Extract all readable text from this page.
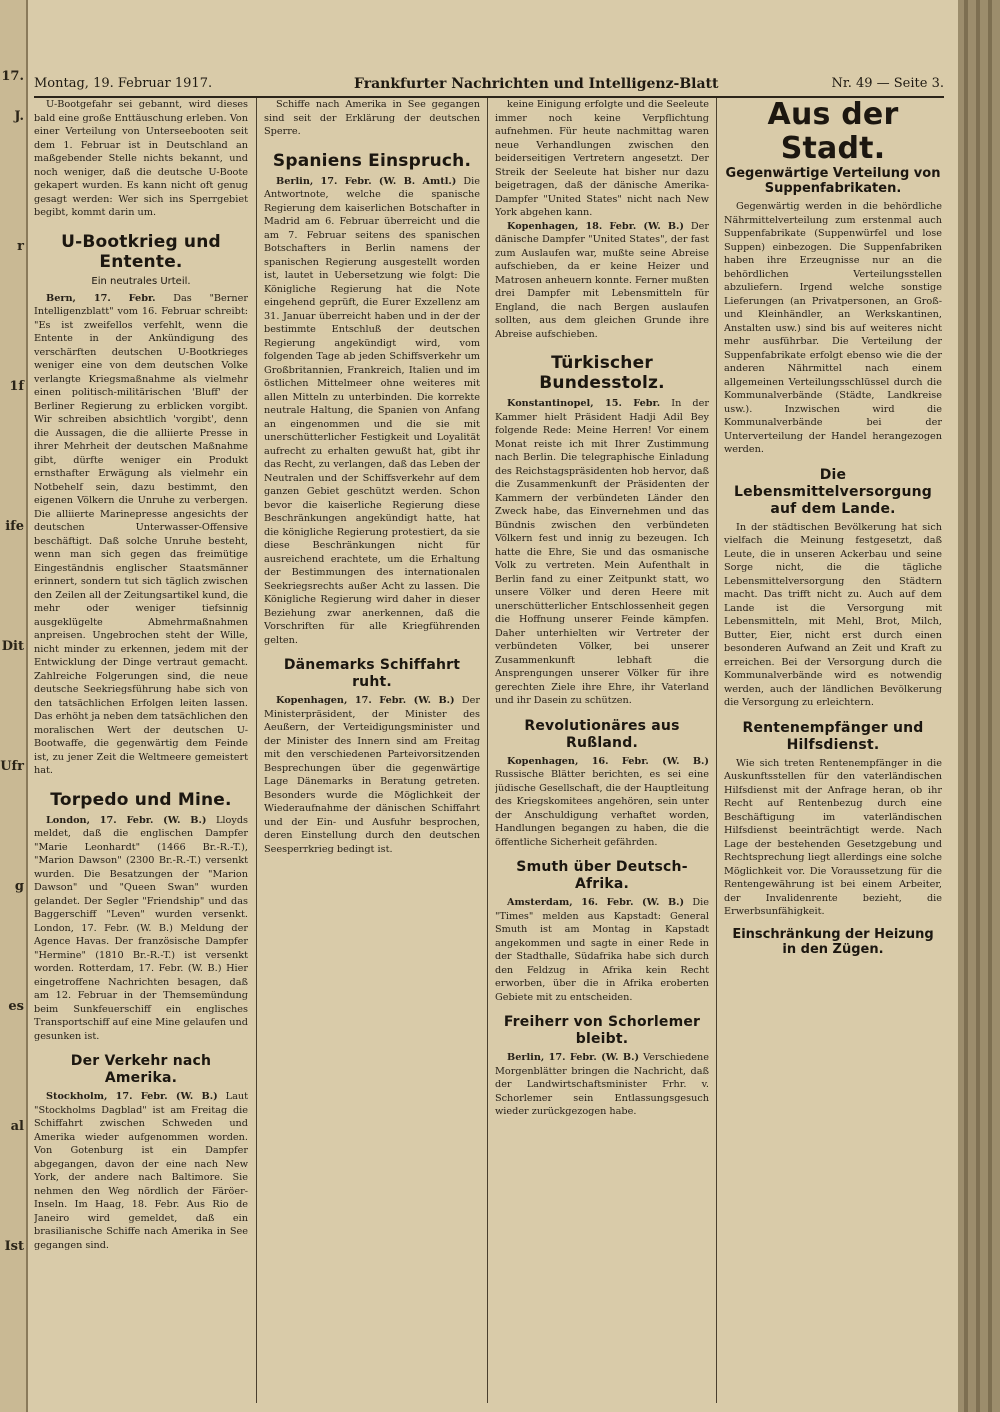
17.
J.
r
1f
ife
Dit
Ufr
g
es
al
Ist
Montag, 19. Februar 1917.	Frankfurter Nachrichten und Intelligenz-Blatt	Nr. 49 — Seite 3.

U-Bootgefahr sei gebannt, wird dieses bald eine große Enttäuschung erleben. Von einer Verteilung von Unterseebooten seit dem 1. Februar ist in Deutschland an maßgebender Stelle nichts bekannt, und noch weniger, daß die deutsche U-Boote gekapert wurden. Es kann nicht oft genug gesagt werden: Wer sich ins Sperrgebiet begibt, kommt darin um.

U-Bootkrieg und Entente.
Ein neutrales Urteil.

Bern, 17. Febr. Das "Berner Intelligenzblatt" vom 16. Februar schreibt: "Es ist zweifellos verfehlt, wenn die Entente in der Ankündigung des verschärften deutschen U-Bootkrieges weniger eine von dem deutschen Volke verlangte Kriegsmaßnahme als vielmehr einen politisch-militärischen 'Bluff' der Berliner Regierung zu erblicken vorgibt. Wir schreiben absichtlich 'vorgibt', denn die Aussagen, die die alliierte Presse in ihrer Mehrheit der deutschen Maßnahme gibt, dürfte weniger ein Produkt ernsthafter Erwägung als vielmehr ein Notbehelf sein, dazu bestimmt, den eigenen Völkern die Unruhe zu verbergen. Die alliierte Marinepresse angesichts der deutschen Unterwasser-Offensive beschäftigt. Daß solche Unruhe besteht, wenn man sich gegen das freimütige Eingeständnis englischer Staatsmänner erinnert, sondern tut sich täglich zwischen den Zeilen all der Zeitungsartikel kund, die mehr oder weniger tiefsinnig ausgeklügelte Abmehrmaßnahmen anpreisen. Ungebrochen steht der Wille, nicht minder zu erkennen, jedem mit der Entwicklung der Dinge vertraut gemacht. Zahlreiche Folgerungen sind, die neue deutsche Seekriegsführung habe sich von den tatsächlichen Erfolgen leiten lassen. Das erhöht ja neben dem tatsächlichen den moralischen Wert der deutschen U-Bootwaffe, die gegenwärtig dem Feinde ist, zu jener Zeit die Weltmeere gemeistert hat.

Torpedo und Mine.

London, 17. Febr. (W. B.) Lloyds meldet, daß die englischen Dampfer "Marie Leonhardt" (1466 Br.-R.-T.), "Marion Dawson" (2300 Br.-R.-T.) versenkt wurden. Die Besatzungen der "Marion Dawson" und "Queen Swan" wurden gelandet. Der Segler "Friendship" und das Baggerschiff "Leven" wurden versenkt. London, 17. Febr. (W. B.) Meldung der Agence Havas. Der französische Dampfer "Hermine" (1810 Br.-R.-T.) ist versenkt worden. Rotterdam, 17. Febr. (W. B.) Hier eingetroffene Nachrichten besagen, daß am 12. Februar in der Themsemündung beim Sunkfeuerschiff ein englisches Transportschiff auf eine Mine gelaufen und gesunken ist.

Der Verkehr nach Amerika.

Stockholm, 17. Febr. (W. B.) Laut "Stockholms Dagblad" ist am Freitag die Schiffahrt zwischen Schweden und Amerika wieder aufgenommen worden. Von Gotenburg ist ein Dampfer abgegangen, davon der eine nach New York, der andere nach Baltimore. Sie nehmen den Weg nördlich der Färöer-Inseln. Im Haag, 18. Febr. Aus Rio de Janeiro wird gemeldet, daß ein brasilianische Schiffe nach Amerika in See gegangen sind.

Schiffe nach Amerika in See gegangen sind seit der Erklärung der deutschen Sperre.

Spaniens Einspruch.

Berlin, 17. Febr. (W. B. Amtl.) Die Antwortnote, welche die spanische Regierung dem kaiserlichen Botschafter in Madrid am 6. Februar überreicht und die am 7. Februar seitens des spanischen Botschafters in Berlin namens der spanischen Regierung ausgestellt worden ist, lautet in Uebersetzung wie folgt: Die Königliche Regierung hat die Note eingehend geprüft, die Eurer Exzellenz am 31. Januar überreicht haben und in der der bestimmte Entschluß der deutschen Regierung angekündigt wird, vom folgenden Tage ab jeden Schiffsverkehr um Großbritannien, Frankreich, Italien und im östlichen Mittelmeer ohne weiteres mit allen Mitteln zu unterbinden. Die korrekte neutrale Haltung, die Spanien von Anfang an eingenommen und die sie mit unerschütterlicher Festigkeit und Loyalität aufrecht zu erhalten gewußt hat, gibt ihr das Recht, zu verlangen, daß das Leben der Neutralen und der Schiffsverkehr auf dem ganzen Gebiet geschützt werden. Schon bevor die kaiserliche Regierung diese Beschränkungen angekündigt hatte, hat die königliche Regierung protestiert, da sie diese Beschränkungen nicht für ausreichend erachtete, um die Erhaltung der Bestimmungen des internationalen Seekriegsrechts außer Acht zu lassen. Die Königliche Regierung wird daher in dieser Beziehung zwar anerkennen, daß die Vorschriften für alle Kriegführenden gelten.

Dänemarks Schiffahrt ruht.

Kopenhagen, 17. Febr. (W. B.) Der Ministerpräsident, der Minister des Aeußern, der Verteidigungsminister und der Minister des Innern sind am Freitag mit den verschiedenen Parteivorsitzenden Besprechungen über die gegenwärtige Lage Dänemarks in Beratung getreten. Besonders wurde die Möglichkeit der Wiederaufnahme der dänischen Schiffahrt und der Ein- und Ausfuhr besprochen, deren Einstellung durch den deutschen Seesperrkrieg bedingt ist.

keine Einigung erfolgte und die Seeleute immer noch keine Verpflichtung aufnehmen. Für heute nachmittag waren neue Verhandlungen zwischen den beiderseitigen Vertretern angesetzt. Der Streik der Seeleute hat bisher nur dazu beigetragen, daß der dänische Amerika-Dampfer "United States" nicht nach New York abgehen kann.

Kopenhagen, 18. Febr. (W. B.) Der dänische Dampfer "United States", der fast zum Auslaufen war, mußte seine Abreise aufschieben, da er keine Heizer und Matrosen anheuern konnte. Ferner mußten drei Dampfer mit Lebensmitteln für England, die nach Bergen auslaufen sollten, aus dem gleichen Grunde ihre Abreise aufschieben.

Türkischer Bundesstolz.

Konstantinopel, 15. Febr. In der Kammer hielt Präsident Hadji Adil Bey folgende Rede: Meine Herren! Vor einem Monat reiste ich mit Ihrer Zustimmung nach Berlin. Die telegraphische Einladung des Reichstagspräsidenten hob hervor, daß die Zusammenkunft der Präsidenten der Kammern der verbündeten Länder den Zweck habe, das Einvernehmen und das Bündnis zwischen den verbündeten Völkern fest und innig zu bezeugen. Ich hatte die Ehre, Sie und das osmanische Volk zu vertreten. Mein Aufenthalt in Berlin fand zu einer Zeitpunkt statt, wo unsere Völker und deren Heere mit unerschütterlicher Entschlossenheit gegen die Hoffnung unserer Feinde kämpfen. Daher unterhielten wir Vertreter der verbündeten Völker, bei unserer Zusammenkunft lebhaft die Ansprengungen unserer Völker für ihre gerechten Ziele ihre Ehre, ihr Vaterland und ihr Dasein zu schützen.

Revolutionäres aus Rußland.

Kopenhagen, 16. Febr. (W. B.) Russische Blätter berichten, es sei eine jüdische Gesellschaft, die der Hauptleitung des Kriegskomitees angehören, sein unter der Anschuldigung verhaftet worden, Handlungen begangen zu haben, die die öffentliche Sicherheit gefährden.

Smuth über Deutsch-Afrika.

Amsterdam, 16. Febr. (W. B.) Die "Times" melden aus Kapstadt: General Smuth ist am Montag in Kapstadt angekommen und sagte in einer Rede in der Stadthalle, Südafrika habe sich durch den Feldzug in Afrika kein Recht erworben, über die in Afrika eroberten Gebiete mit zu entscheiden.

Freiherr von Schorlemer bleibt.

Berlin, 17. Febr. (W. B.) Verschiedene Morgenblätter bringen die Nachricht, daß der Landwirtschaftsminister Frhr. v. Schorlemer sein Entlassungsgesuch wieder zurückgezogen habe.

Aus der Stadt.
Gegenwärtige Verteilung von Suppenfabrikaten.

Gegenwärtig werden in die behördliche Nährmittelverteilung zum erstenmal auch Suppenfabrikate (Suppenwürfel und lose Suppen) einbezogen. Die Suppenfabriken haben ihre Erzeugnisse nur an die behördlichen Verteilungsstellen abzuliefern. Irgend welche sonstige Lieferungen (an Privatpersonen, an Groß- und Kleinhändler, an Werkskantinen, Anstalten usw.) sind bis auf weiteres nicht mehr ausführbar. Die Verteilung der Suppenfabrikate erfolgt ebenso wie die der anderen Nährmittel nach einem allgemeinen Verteilungsschlüssel durch die Kommunalverbände (Städte, Landkreise usw.). Inzwischen wird die Kommunalverbände bei der Unterverteilung der Handel herangezogen werden.

Die Lebensmittelversorgung auf dem Lande.

In der städtischen Bevölkerung hat sich vielfach die Meinung festgesetzt, daß Leute, die in unseren Ackerbau und seine Sorge nicht, die die tägliche Lebensmittelversorgung den Städtern macht. Das trifft nicht zu. Auch auf dem Lande ist die Versorgung mit Lebensmitteln, mit Mehl, Brot, Milch, Butter, Eier, nicht erst durch einen besonderen Aufwand an Zeit und Kraft zu erreichen. Bei der Versorgung durch die Kommunalverbände wird es notwendig werden, auch der ländlichen Bevölkerung die Versorgung zu erleichtern.

Rentenempfänger und Hilfsdienst.

Wie sich treten Rentenempfänger in die Auskunftsstellen für den vaterländischen Hilfsdienst mit der Anfrage heran, ob ihr Recht auf Rentenbezug durch eine Beschäftigung im vaterländischen Hilfsdienst beeinträchtigt werde. Nach Lage der bestehenden Gesetzgebung und Rechtsprechung liegt allerdings eine solche Möglichkeit vor. Die Voraussetzung für die Rentengewährung ist bei einem Arbeiter, der Invalidenrente bezieht, die Erwerbsunfähigkeit.

Einschränkung der Heizung in den Zügen.
